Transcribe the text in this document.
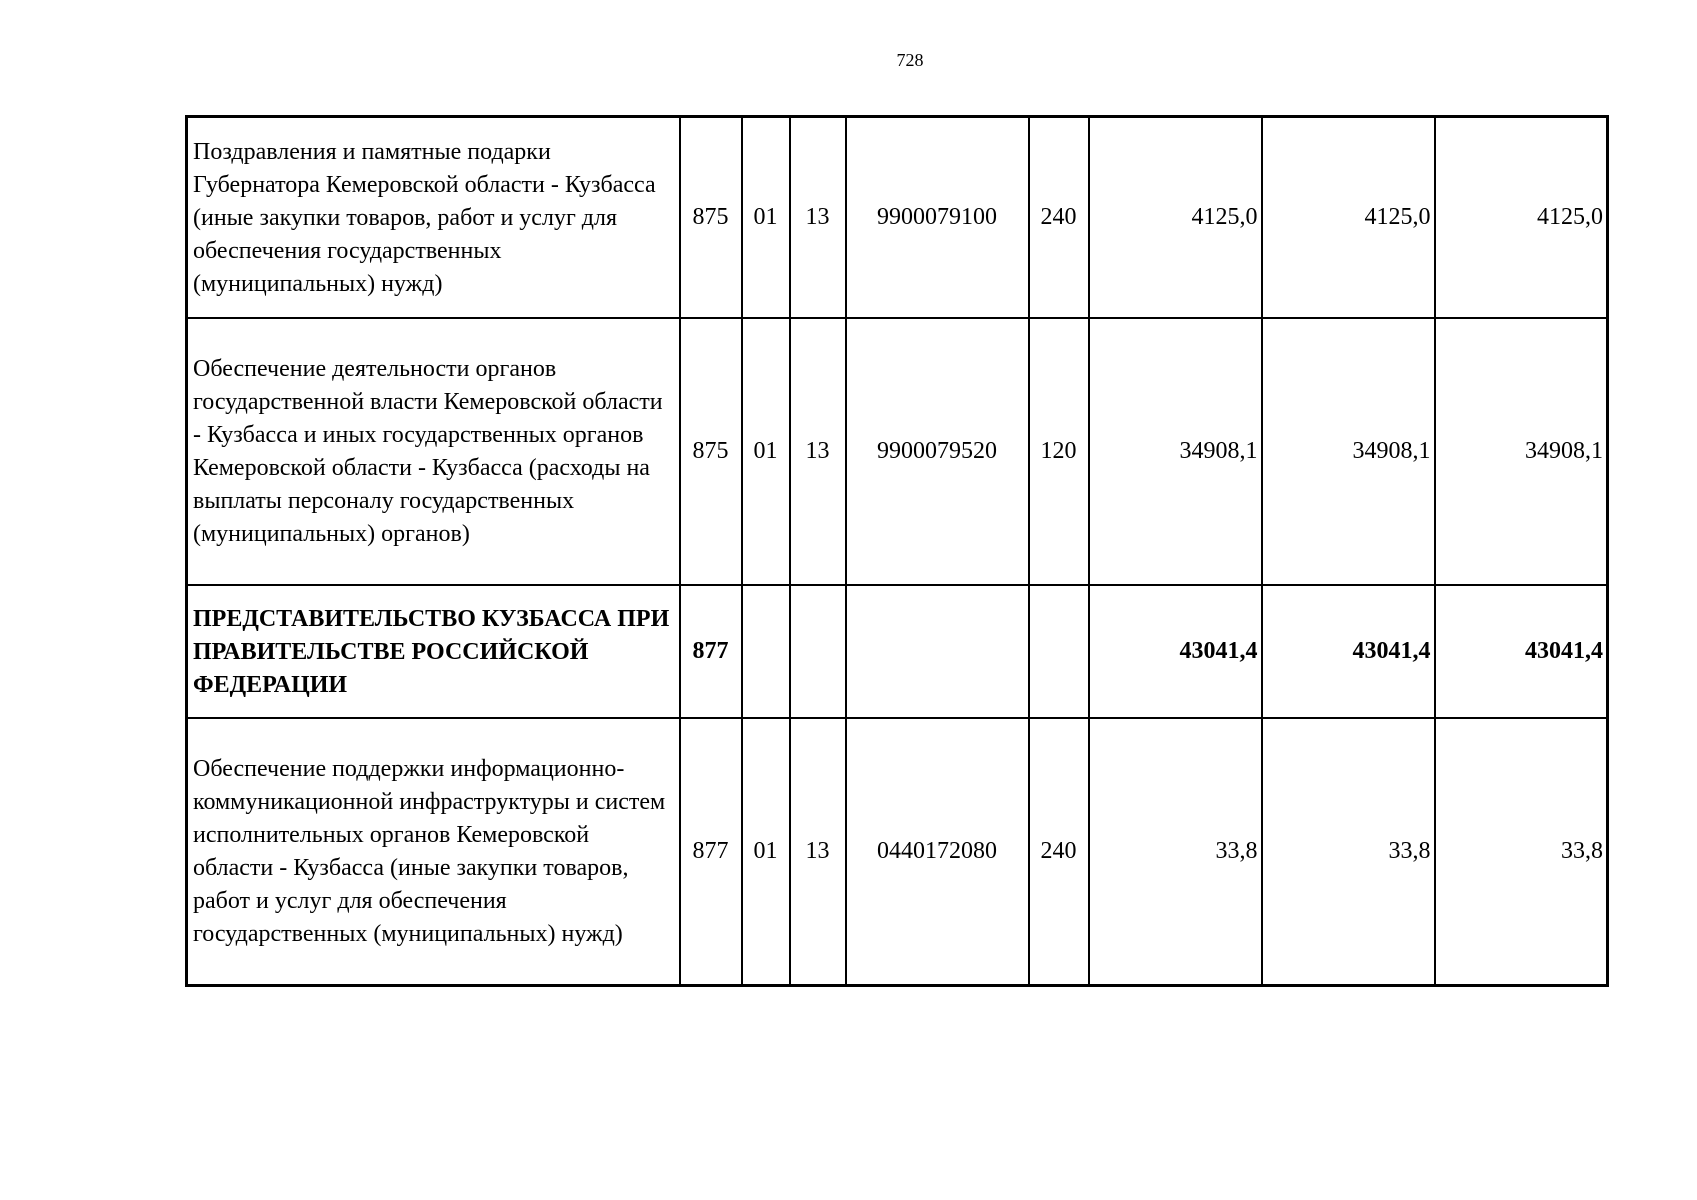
728
Поздравления и памятные подарки Губернатора Кемеровской области - Кузбасса (иные закупки товаров, работ и услуг для обеспечения государственных (муниципальных) нужд)	875	01	13	9900079100	240	4125,0	4125,0	4125,0
Обеспечение деятельности органов государственной власти Кемеровской области - Кузбасса и иных государственных органов Кемеровской области - Кузбасса (расходы на выплаты персоналу государственных (муниципальных) органов)	875	01	13	9900079520	120	34908,1	34908,1	34908,1
ПРЕДСТАВИТЕЛЬСТВО КУЗБАССА ПРИ ПРАВИТЕЛЬСТВЕ РОССИЙСКОЙ ФЕДЕРАЦИИ	877					43041,4	43041,4	43041,4
Обеспечение поддержки информационно-коммуникационной инфраструктуры и систем исполнительных органов Кемеровской области - Кузбасса (иные закупки товаров, работ и услуг для обеспечения государственных (муниципальных) нужд)	877	01	13	0440172080	240	33,8	33,8	33,8
